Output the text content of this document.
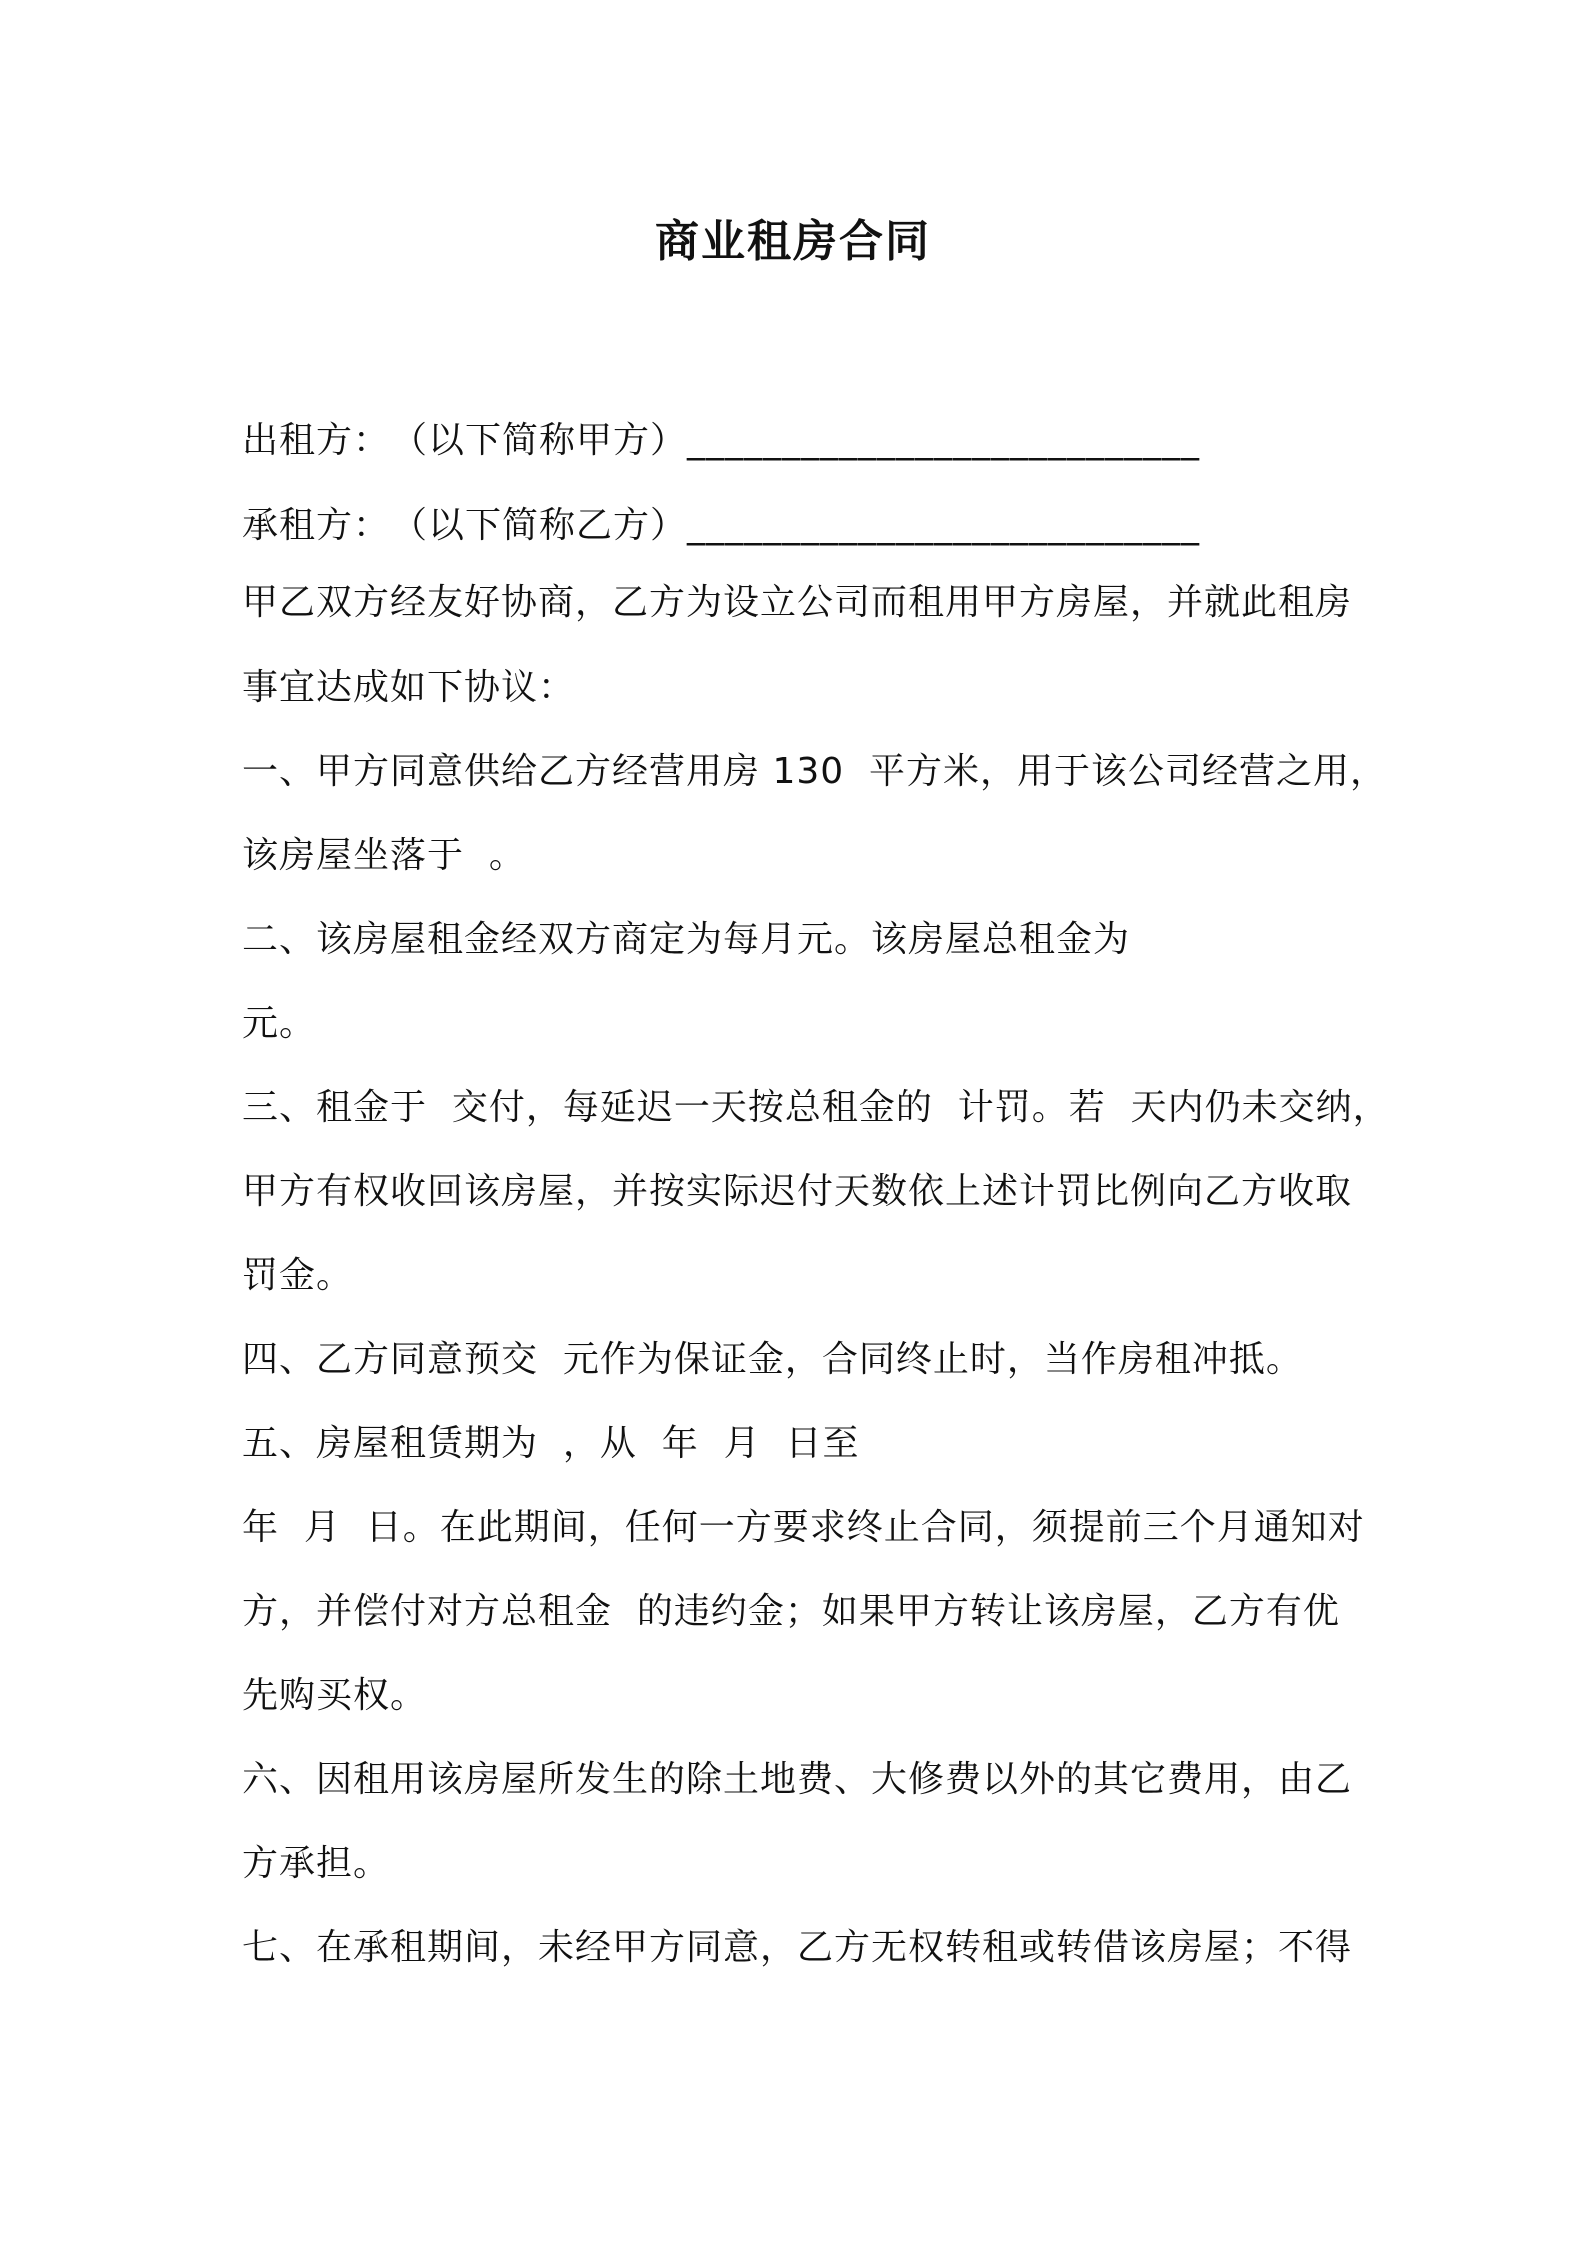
商业租房合同
出租方：　（以下简称甲方）___________________________
承租方：　（以下简称乙方）___________________________
甲乙双方经友好协商，乙方为设立公司而租用甲方房屋，并就此租房
事宜达成如下协议：
一、甲方同意供给乙方经营用房 130  平方米，用于该公司经营之用，
该房屋坐落于  。
二、该房屋租金经双方商定为每月元。该房屋总租金为
元。
三、租金于  交付，每延迟一天按总租金的  计罚。若  天内仍未交纳，
甲方有权收回该房屋，并按实际迟付天数依上述计罚比例向乙方收取
罚金。
四、乙方同意预交  元作为保证金，合同终止时，当作房租冲抵。
五、房屋租赁期为  ，从  年  月  日至
年  月  日。在此期间，任何一方要求终止合同，须提前三个月通知对
方，并偿付对方总租金  的违约金；如果甲方转让该房屋，乙方有优
先购买权。
六、因租用该房屋所发生的除土地费、大修费以外的其它费用，由乙
方承担。
七、在承租期间，未经甲方同意，乙方无权转租或转借该房屋；不得
